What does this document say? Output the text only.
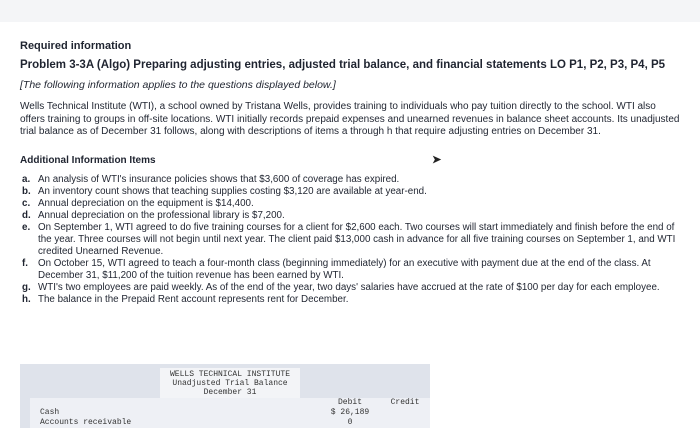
Required information
Problem 3-3A (Algo) Preparing adjusting entries, adjusted trial balance, and financial statements LO P1, P2, P3, P4, P5
[The following information applies to the questions displayed below.]
Wells Technical Institute (WTI), a school owned by Tristana Wells, provides training to individuals who pay tuition directly to the school. WTI also offers training to groups in off-site locations. WTI initially records prepaid expenses and unearned revenues in balance sheet accounts. Its unadjusted trial balance as of December 31 follows, along with descriptions of items a through h that require adjusting entries on December 31.
Additional Information Items	➤
a. An analysis of WTI's insurance policies shows that $3,600 of coverage has expired.
b. An inventory count shows that teaching supplies costing $3,120 are available at year-end.
c. Annual depreciation on the equipment is $14,400.
d. Annual depreciation on the professional library is $7,200.
e. On September 1, WTI agreed to do five training courses for a client for $2,600 each. Two courses will start immediately and finish before the end of the year. Three courses will not begin until next year. The client paid $13,000 cash in advance for all five training courses on September 1, and WTI credited Unearned Revenue.
f.	On October 15, WTI agreed to teach a four-month class (beginning immediately) for an executive with payment due at the end of the class. At December 31, $11,200 of the tuition revenue has been earned by WTI.
g. WTI's two employees are paid weekly. As of the end of the year, two days' salaries have accrued at the rate of $100 per day for each employee.
h. The balance in the Prepaid Rent account represents rent for December.
WELLS TECHNICAL INSTITUTE
Unadjusted Trial Balance
December 31
Debit	Credit
Cash	$ 26,189
Accounts receivable	0
